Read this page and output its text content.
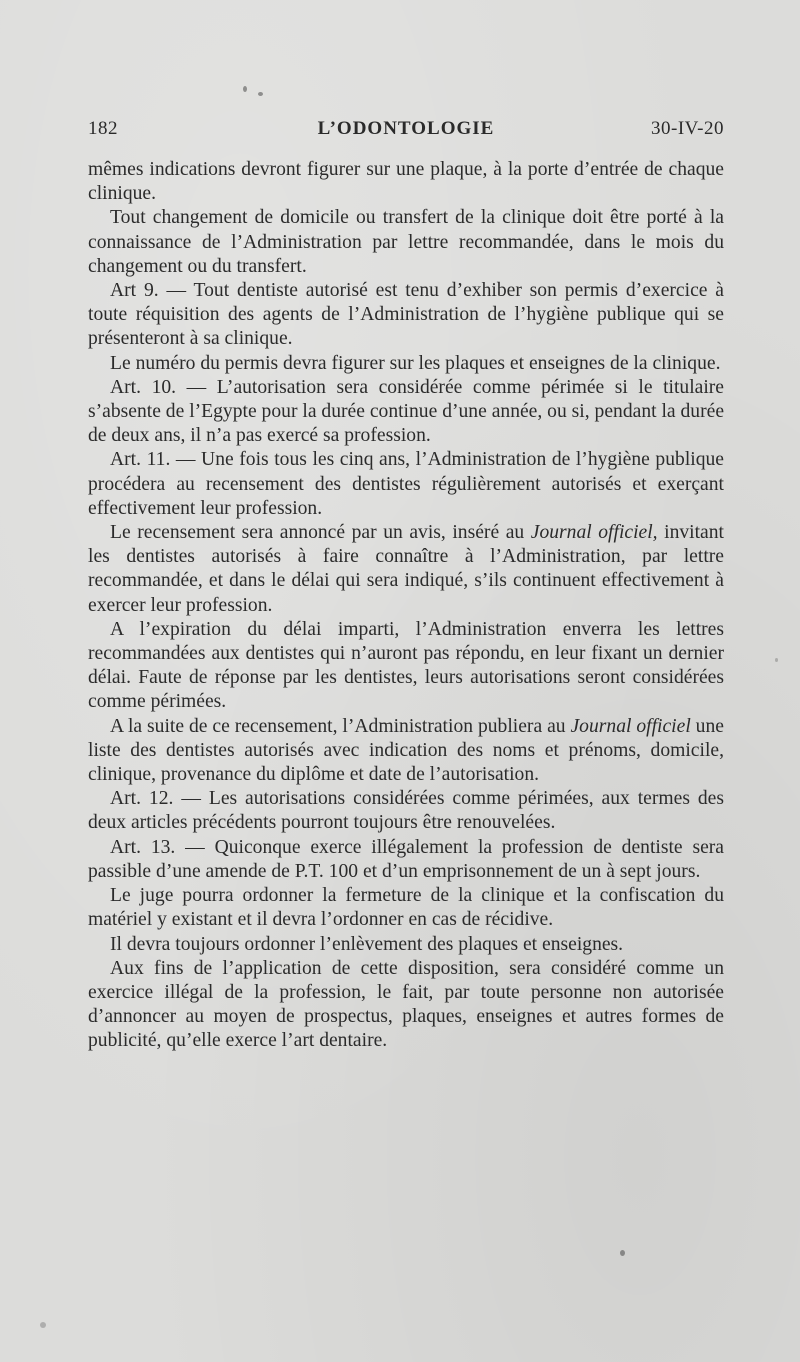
182	L’ODONTOLOGIE	30-IV-20

mêmes indications devront figurer sur une plaque, à la porte d’entrée de chaque clinique.

Tout changement de domicile ou transfert de la clinique doit être porté à la connaissance de l’Administration par lettre recommandée, dans le mois du changement ou du transfert.

Art 9. — Tout dentiste autorisé est tenu d’exhiber son permis d’exercice à toute réquisition des agents de l’Administration de l’hygiène publique qui se présenteront à sa clinique.

Le numéro du permis devra figurer sur les plaques et enseignes de la clinique.

Art. 10. — L’autorisation sera considérée comme périmée si le titulaire s’absente de l’Egypte pour la durée continue d’une année, ou si, pendant la durée de deux ans, il n’a pas exercé sa profession.

Art. 11. — Une fois tous les cinq ans, l’Administration de l’hygiène publique procédera au recensement des dentistes régulièrement autorisés et exerçant effectivement leur profession.

Le recensement sera annoncé par un avis, inséré au Journal officiel, invitant les dentistes autorisés à faire connaître à l’Administration, par lettre recommandée, et dans le délai qui sera indiqué, s’ils continuent effectivement à exercer leur profession.

A l’expiration du délai imparti, l’Administration enverra les lettres recommandées aux dentistes qui n’auront pas répondu, en leur fixant un dernier délai. Faute de réponse par les dentistes, leurs autorisations seront considérées comme périmées.

A la suite de ce recensement, l’Administration publiera au Journal officiel une liste des dentistes autorisés avec indication des noms et prénoms, domicile, clinique, provenance du diplôme et date de l’autorisation.

Art. 12. — Les autorisations considérées comme périmées, aux termes des deux articles précédents pourront toujours être renouvelées.

Art. 13. — Quiconque exerce illégalement la profession de dentiste sera passible d’une amende de P.T. 100 et d’un emprisonnement de un à sept jours.

Le juge pourra ordonner la fermeture de la clinique et la confiscation du matériel y existant et il devra l’ordonner en cas de récidive.

Il devra toujours ordonner l’enlèvement des plaques et enseignes.

Aux fins de l’application de cette disposition, sera considéré comme un exercice illégal de la profession, le fait, par toute personne non autorisée d’annoncer au moyen de prospectus, plaques, enseignes et autres formes de publicité, qu’elle exerce l’art dentaire.
